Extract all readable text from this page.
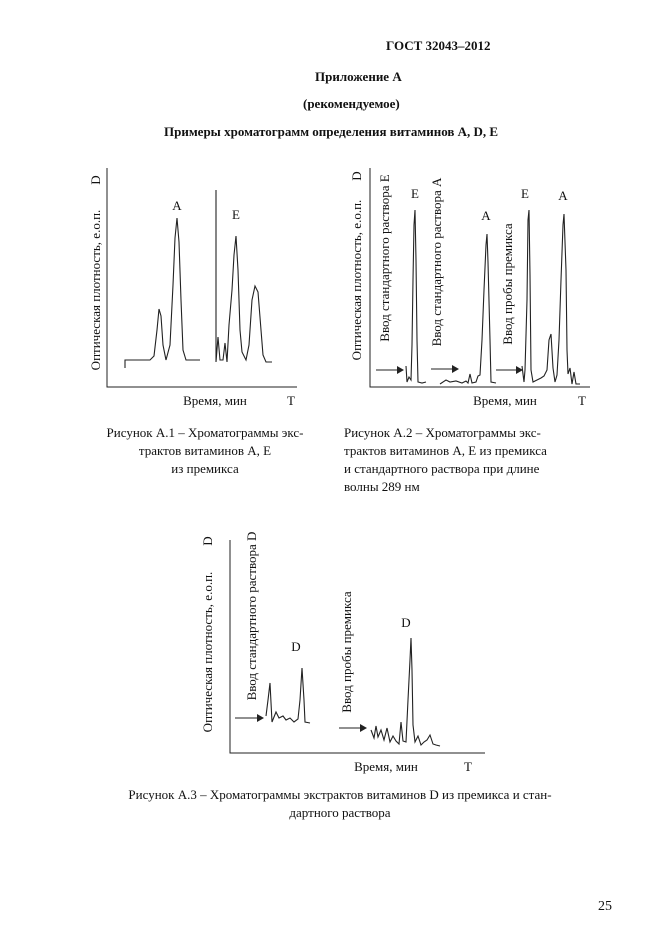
ГОСТ 32043–2012
Приложение А
(рекомендуемое)
Примеры хроматограмм определения витаминов A, D, E
D
Оптическая плотность, е.о.п.
Время, мин	T
A
E
Рисунок А.1 – Хроматограммы экс-
трактов витаминов A, E
из премикса
D
Оптическая плотность, е.о.п. Ввод стандартного раствора E	Ввод стандартного раствора A	Ввод пробы премикса
Время, мин	T
E
A
E A
Рисунок А.2 – Хроматограммы экс-
трактов витаминов A, E из премикса
и стандартного раствора при длине
волны 289 нм
D
Оптическая плотность, е.о.п. Ввод стандартного раствора D	Ввод пробы премикса
Время, мин	T
D
D
Рисунок А.3 – Хроматограммы экстрактов витаминов D из премикса и стан-
дартного раствора
25
